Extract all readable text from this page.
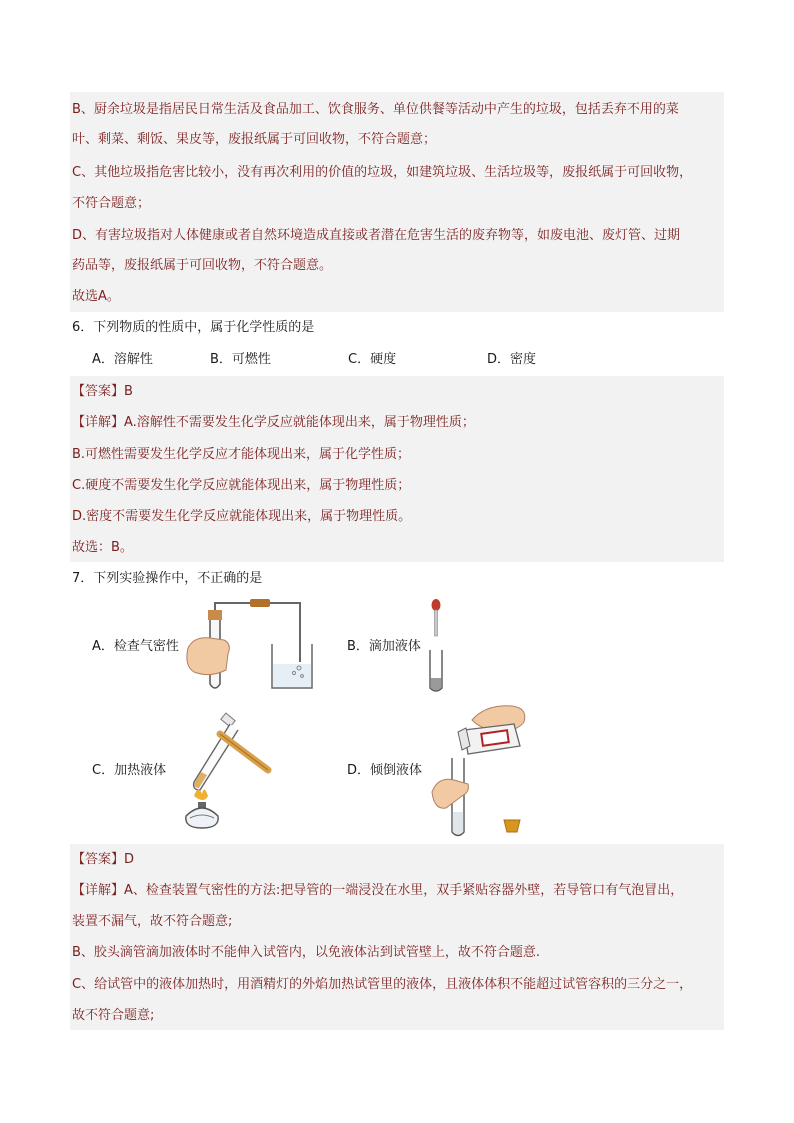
B、厨余垃圾是指居民日常生活及食品加工、饮食服务、单位供餐等活动中产生的垃圾，包括丢弃不用的菜
叶、剩菜、剩饭、果皮等，废报纸属于可回收物，不符合题意；
C、其他垃圾指危害比较小，没有再次利用的价值的垃圾，如建筑垃圾、生活垃圾等，废报纸属于可回收物，
不符合题意；
D、有害垃圾指对人体健康或者自然环境造成直接或者潜在危害生活的废弃物等，如废电池、废灯管、过期
药品等，废报纸属于可回收物，不符合题意。
故选A。
6．下列物质的性质中，属于化学性质的是
A．溶解性	B．可燃性	C．硬度	D．密度
【答案】B
【详解】A.溶解性不需要发生化学反应就能体现出来，属于物理性质；
B.可燃性需要发生化学反应才能体现出来，属于化学性质；
C.硬度不需要发生化学反应就能体现出来，属于物理性质；
D.密度不需要发生化学反应就能体现出来，属于物理性质。
故选：B。
7．下列实验操作中，不正确的是
A．检查气密性	B．滴加液体
C．加热液体	D．倾倒液体
【答案】D
【详解】A、检查装置气密性的方法:把导管的一端浸没在水里，双手紧贴容器外壁，若导管口有气泡冒出，
装置不漏气，故不符合题意;
B、胶头滴管滴加液体时不能伸入试管内，以免液体沾到试管壁上，故不符合题意.
C、给试管中的液体加热时，用酒精灯的外焰加热试管里的液体，且液体体积不能超过试管容积的三分之一，
故不符合题意;
